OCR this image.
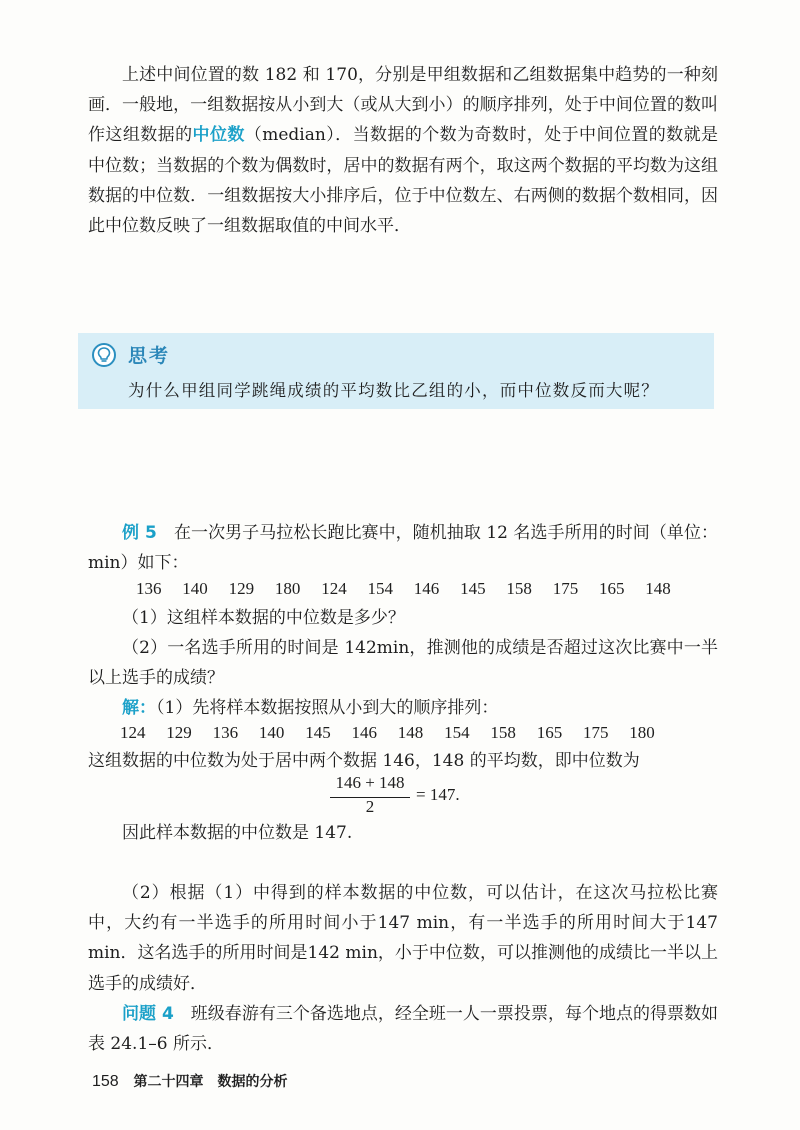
上述中间位置的数 182 和 170，分别是甲组数据和乙组数据集中趋势的一种刻画．一般地，一组数据按从小到大（或从大到小）的顺序排列，处于中间位置的数叫作这组数据的中位数（median）．当数据的个数为奇数时，处于中间位置的数就是中位数；当数据的个数为偶数时，居中的数据有两个，取这两个数据的平均数为这组数据的中位数．一组数据按大小排序后，位于中位数左、右两侧的数据个数相同，因此中位数反映了一组数据取值的中间水平．

思考
为什么甲组同学跳绳成绩的平均数比乙组的小，而中位数反而大呢？

例 5　 在一次男子马拉松长跑比赛中，随机抽取 12 名选手所用的时间（单位：min）如下：

136 140 129 180 124 154 146 145 158 175 165 148
（1）这组样本数据的中位数是多少？

（2）一名选手所用的时间是 142min，推测他的成绩是否超过这次比赛中一半以上选手的成绩？

解：（1）先将样本数据按照从小到大的顺序排列：
124 129 136 140 145 146 148 154 158 165 175 180
这组数据的中位数为处于居中两个数据 146，148 的平均数，即中位数为
146 + 148
2
= 147.
因此样本数据的中位数是 147.

（2）根据（1）中得到的样本数据的中位数，可以估计，在这次马拉松比赛中，大约有一半选手的所用时间小于147 min，有一半选手的所用时间大于147 min．这名选手的所用时间是142 min，小于中位数，可以推测他的成绩比一半以上选手的成绩好．

问题 4　 班级春游有三个备选地点，经全班一人一票投票，每个地点的得票数如表 24.1–6 所示．

158 第二十四章　数据的分析
